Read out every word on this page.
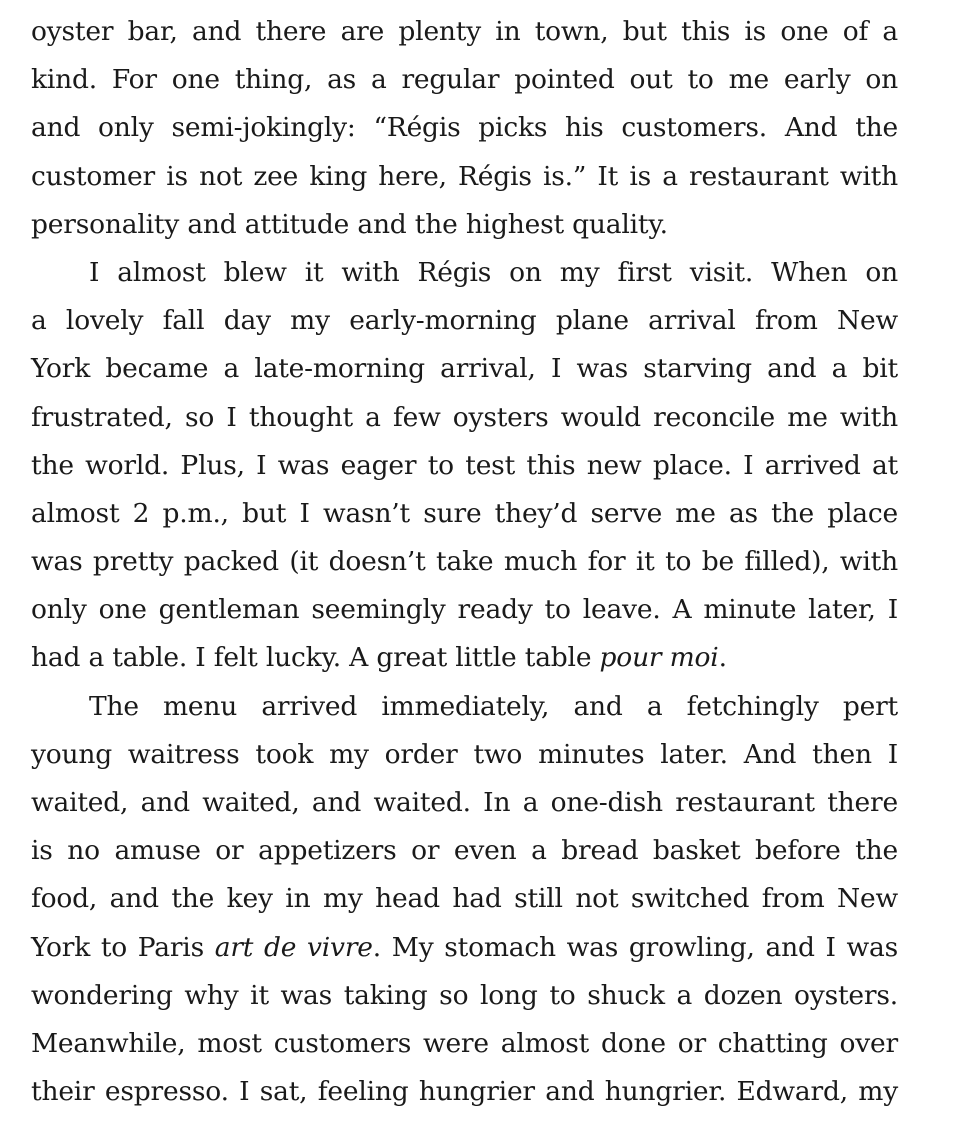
oyster bar, and there are plenty in town, but this is one of a
kind. For one thing, as a regular pointed out to me early on
and only semi-jokingly: “Régis picks his customers. And the
customer is not zee king here, Régis is.” It is a restaurant with
personality and attitude and the highest quality.
I almost blew it with Régis on my first visit. When on
a lovely fall day my early-morning plane arrival from New
York became a late-morning arrival, I was starving and a bit
frustrated, so I thought a few oysters would reconcile me with
the world. Plus, I was eager to test this new place. I arrived at
almost 2 p.m., but I wasn’t sure they’d serve me as the place
was pretty packed (it doesn’t take much for it to be filled), with
only one gentleman seemingly ready to leave. A minute later, I
had a table. I felt lucky. A great little table pour moi.
The menu arrived immediately, and a fetchingly pert
young waitress took my order two minutes later. And then I
waited, and waited, and waited. In a one-dish restaurant there
is no amuse or appetizers or even a bread basket before the
food, and the key in my head had still not switched from New
York to Paris art de vivre. My stomach was growling, and I was
wondering why it was taking so long to shuck a dozen oysters.
Meanwhile, most customers were almost done or chatting over
their espresso. I sat, feeling hungrier and hungrier. Edward, my
